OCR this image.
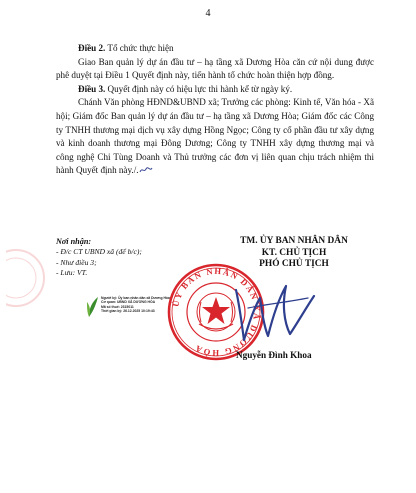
4

Điều 2. Tổ chức thực hiện

Giao Ban quản lý dự án đầu tư – hạ tầng xã Dương Hòa căn cứ nội dung được phê duyệt tại Điều 1 Quyết định này, tiến hành tổ chức hoàn thiện hợp đồng.

Điều 3. Quyết định này có hiệu lực thi hành kể từ ngày ký.

Chánh Văn phòng HĐND&UBND xã; Trưởng các phòng: Kinh tế, Văn hóa - Xã hội; Giám đốc Ban quản lý dự án đầu tư – hạ tầng xã Dương Hòa; Giám đốc các Công ty TNHH thương mại dịch vụ xây dựng Hồng Ngọc; Công ty cổ phần đầu tư xây dựng và kinh doanh thương mại Đông Dương; Công ty TNHH xây dựng thương mại và công nghệ Chi Tùng Doanh và Thủ trưởng các đơn vị liên quan chịu trách nhiệm thi hành Quyết định này./.

Nơi nhận:
- Đ/c CT UBND xã (để b/c);
- Như điều 3;
- Lưu: VT.
Người ký: Ủy ban nhân dân xã Dương Hòa
Cơ quan: UBND XÃ DƯƠNG HÒA
Mã số thuế: 2315011
Thời gian ký: 26.12.2025 10:19:43
TM. ỦY BAN NHÂN DÂN
KT. CHỦ TỊCH
PHÓ CHỦ TỊCH
ỦY BAN NHÂN DÂN XÃ DƯƠNG HÒA	Nguyễn Đình Khoa
